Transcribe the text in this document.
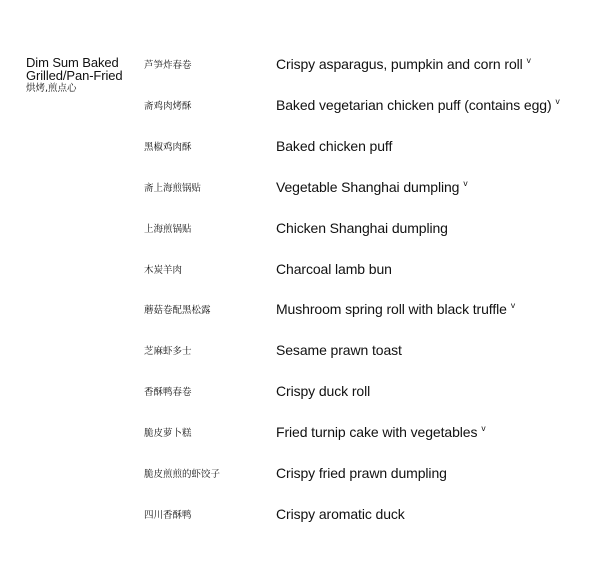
Dim Sum Baked
Grilled/Pan-Fried
烘烤,煎点心
芦笋炸春卷	Crispy asparagus, pumpkin and corn roll $^v$
斋鸡肉烤酥	Baked vegetarian chicken puff (contains egg) $^v$
黑椒鸡肉酥	Baked chicken puff
斋上海煎锅贴	Vegetable Shanghai dumpling $^v$
上海煎锅贴	Chicken Shanghai dumpling
木炭羊肉	Charcoal lamb bun
蘑菇卷配黑松露	Mushroom spring roll with black truffle $^v$
芝麻虾多士	Sesame prawn toast
香酥鸭春卷	Crispy duck roll
脆皮萝卜糕	Fried turnip cake with vegetables $^v$
脆皮煎煎的虾饺子	Crispy fried prawn dumpling
四川香酥鸭	Crispy aromatic duck
